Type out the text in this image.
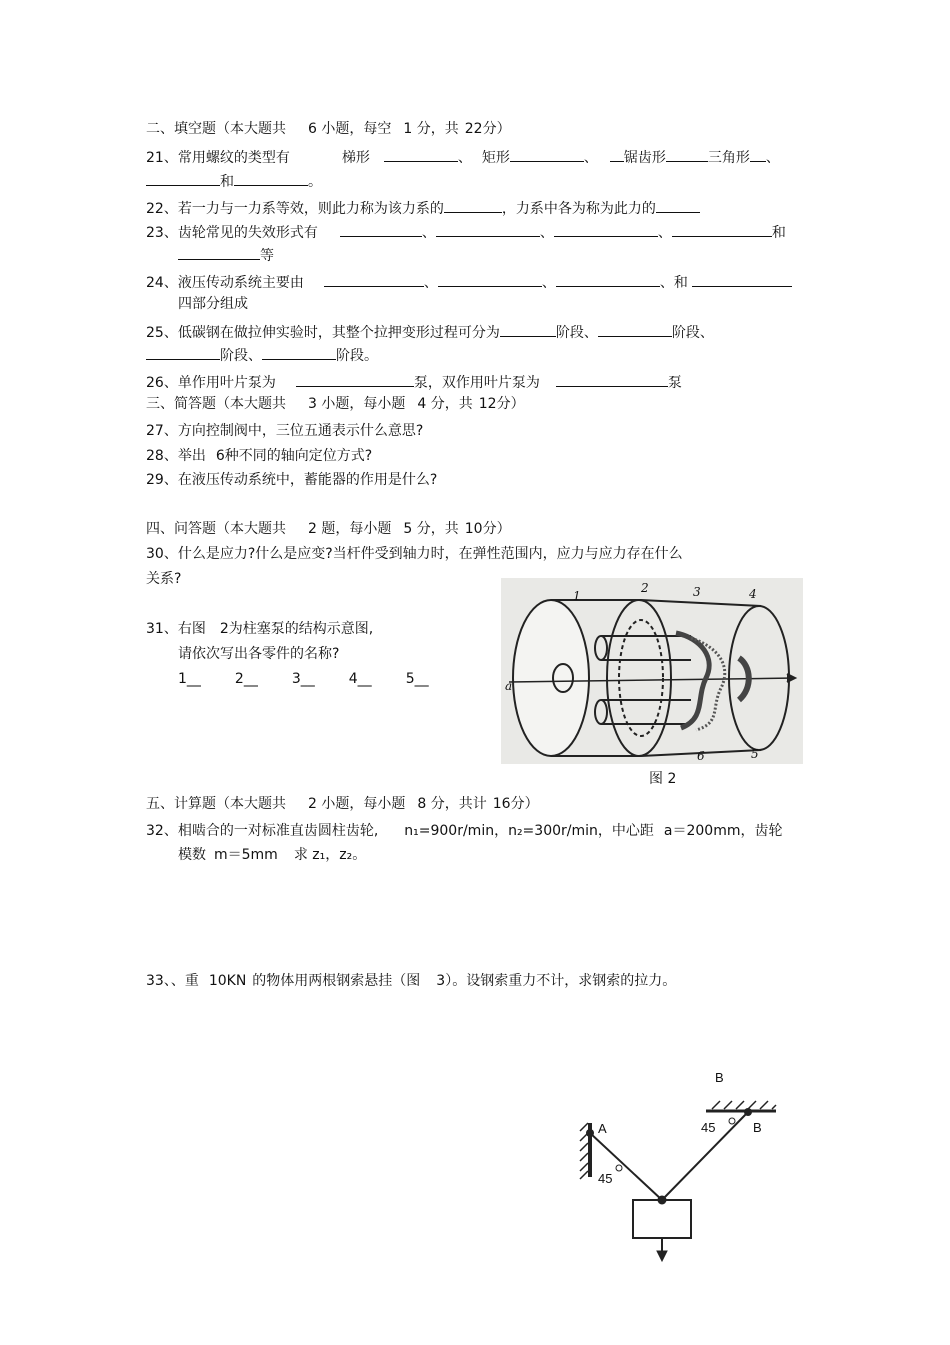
二、填空题（本大题共 6 小题，每空 1 分，共 22分）
21、常用螺纹的类型有	梯形	、 矩形	、 锯齿形	三角形 、
和	。
22、若一力与一力系等效，则此力称为该力系的	，力系中各为称为此力的
23、齿轮常见的失效形式有	、	、	、	和
等
24、液压传动系统主要由	、	、	、和
四部分组成
25、低碳钢在做拉伸实验时，其整个拉押变形过程可分为	阶段、	阶段、
阶段、	阶段。
26、单作用叶片泵为	泵，双作用叶片泵为	泵
三、简答题（本大题共 3 小题，每小题 4 分，共 12分）
27、方向控制阀中，三位五通表示什么意思?
28、举出 6种不同的轴向定位方式?
29、在液压传动系统中，蓄能器的作用是什么?
四、问答题（本大题共 2 题，每小题 5 分，共 10分）
30、什么是应力?什么是应变?当杆件受到轴力时，在弹性范围内，应力与应力存在什么
关系?
31、右图 2为柱塞泵的结构示意图,
请依次写出各零件的名称?
1__ 2__ 3__ 4__ 5__
1
2	3	4
5
6
a
图 2
五、计算题（本大题共 2 小题，每小题 8 分，共计 16分）
32、相啮合的一对标准直齿圆柱齿轮, n₁=900r/min，n₂=300r/min，中心距 a＝200mm，齿轮
模数 m＝5mm 求 z₁，z₂。
33、、重 10KN 的物体用两根钢索悬挂（图 3）。设钢索重力不计，求钢索的拉力。
B
A	B
45
45
